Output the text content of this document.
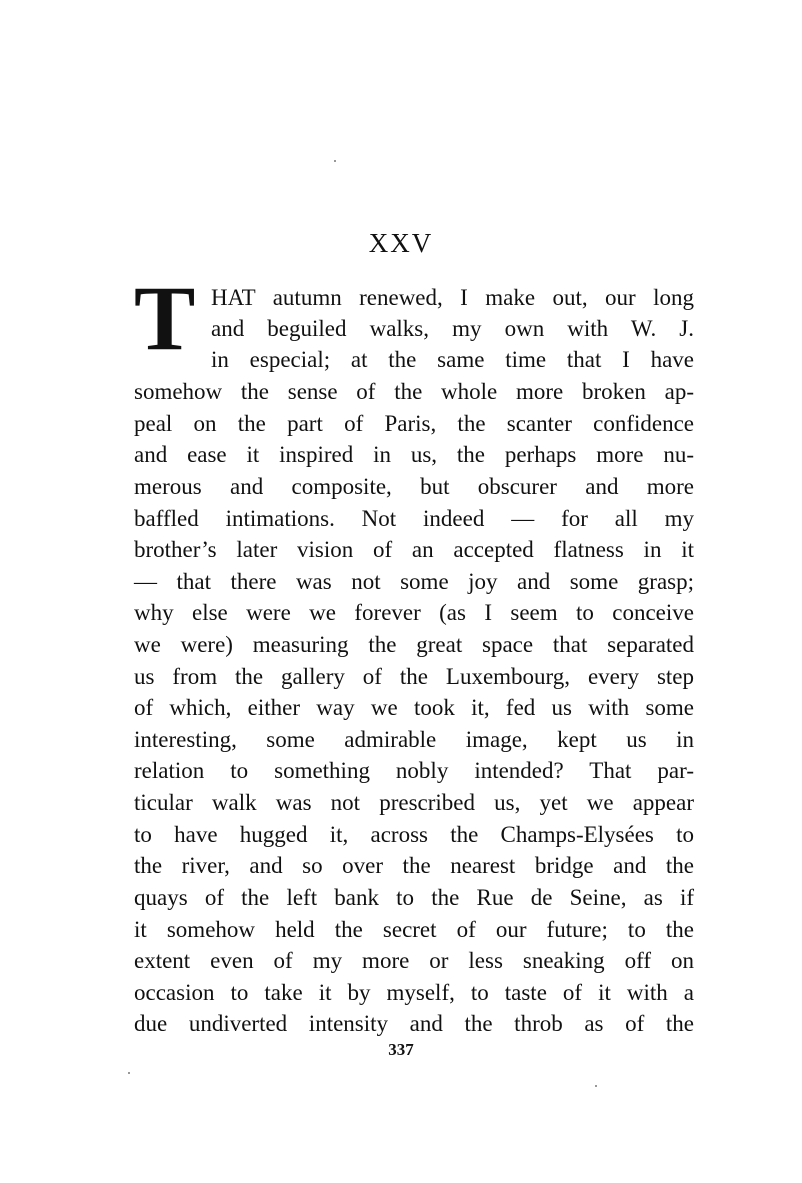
XXV
T HAT autumn renewed, I make out, our long
and beguiled walks, my own with W. J.
in especial; at the same time that I have
somehow the sense of the whole more broken ap-
peal on the part of Paris, the scanter confidence
and ease it inspired in us, the perhaps more nu-
merous and composite, but obscurer and more
baffled intimations. Not indeed — for all my
brother’s later vision of an accepted flatness in it
— that there was not some joy and some grasp;
why else were we forever (as I seem to conceive
we were) measuring the great space that separated
us from the gallery of the Luxembourg, every step
of which, either way we took it, fed us with some
interesting, some admirable image, kept us in
relation to something nobly intended? That par-
ticular walk was not prescribed us, yet we appear
to have hugged it, across the Champs-Elysées to
the river, and so over the nearest bridge and the
quays of the left bank to the Rue de Seine, as if
it somehow held the secret of our future; to the
extent even of my more or less sneaking off on
occasion to take it by myself, to taste of it with a
due undiverted intensity and the throb as of the
337
